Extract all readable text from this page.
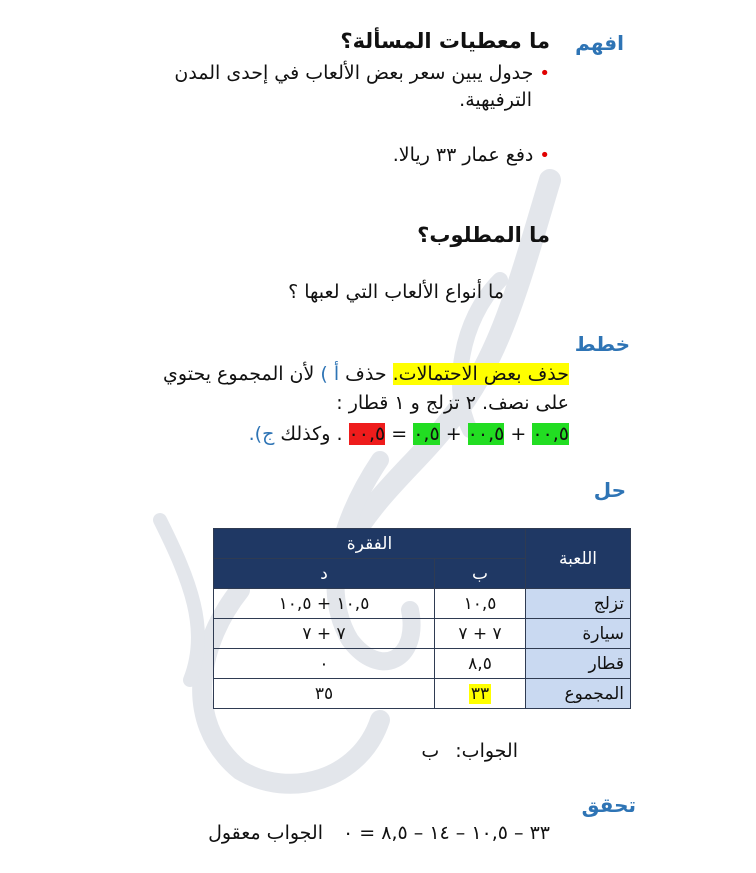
افهم
ما معطيات المسألة؟
•جدول يبين سعر بعض الألعاب في إحدى المدن
الترفيهية.
•دفع عمار ٣٣ ريالا.
ما المطلوب؟
ما أنواع الألعاب التي لعبها ؟
خطط
حذف بعض الاحتمالات. حذف أ ) لأن المجموع يحتوي
على نصف. ٢ تزلج و ١ قطار :
٠٠,٥ + ٠٠,٥ + ٠,٥ = ٠٠,٥ . وكذلك ج).
حل
اللعبة	الفقرة	
	ب	د
تزلج	١٠,٥	١٠,٥ + ١٠,٥
سيارة	٧ + ٧	٧ + ٧
قطار	٨,٥	٠
المجموع	٣٣	٣٥
الجواب: ب
تحقق
٣٣ – ١٠,٥ – ١٤ – ٨,٥ = ٠ الجواب معقول
